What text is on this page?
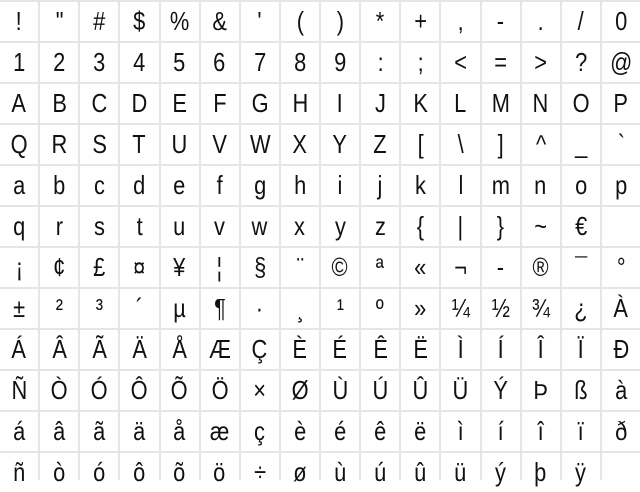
!	"	#	$ % &	'	(	)	*	+	,	-	.	/	0
1	2	3	4	5	6	7	8	9	:	;	<	=	>	? @
A B C D E	F G H	I	J	K	L M N O P
Q R S	T U V W X Y	Z	[	\	]	^	_	`
a	b	c	d	e	f	g	h	i	j	k	l	m n	o	p
q	r	s	t	u	v	w	x	y	z	{	|	}	~	€
¡	¢	£	¤	¥	¦	§	¨	©	ª	«	¬	-	®	¯	°
±	²	³	´	µ	¶	·	¸	¹	º	» ¼ ½ ¾ ¿	À
Á Â Ã Ä Å Æ Ç È É Ê Ë	Ì	Í	Î	Ï	Ð
Ñ Ò Ó Ô Õ Ö × Ø Ù Ú Û Ü Ý Þ	ß	à
á	â	ã	ä	å æ ç	è	é	ê	ë	ì	í	î	ï	ð
ñ	ò	ó	ô	õ	ö	÷	ø	ù	ú	û	ü	ý	þ	ÿ
